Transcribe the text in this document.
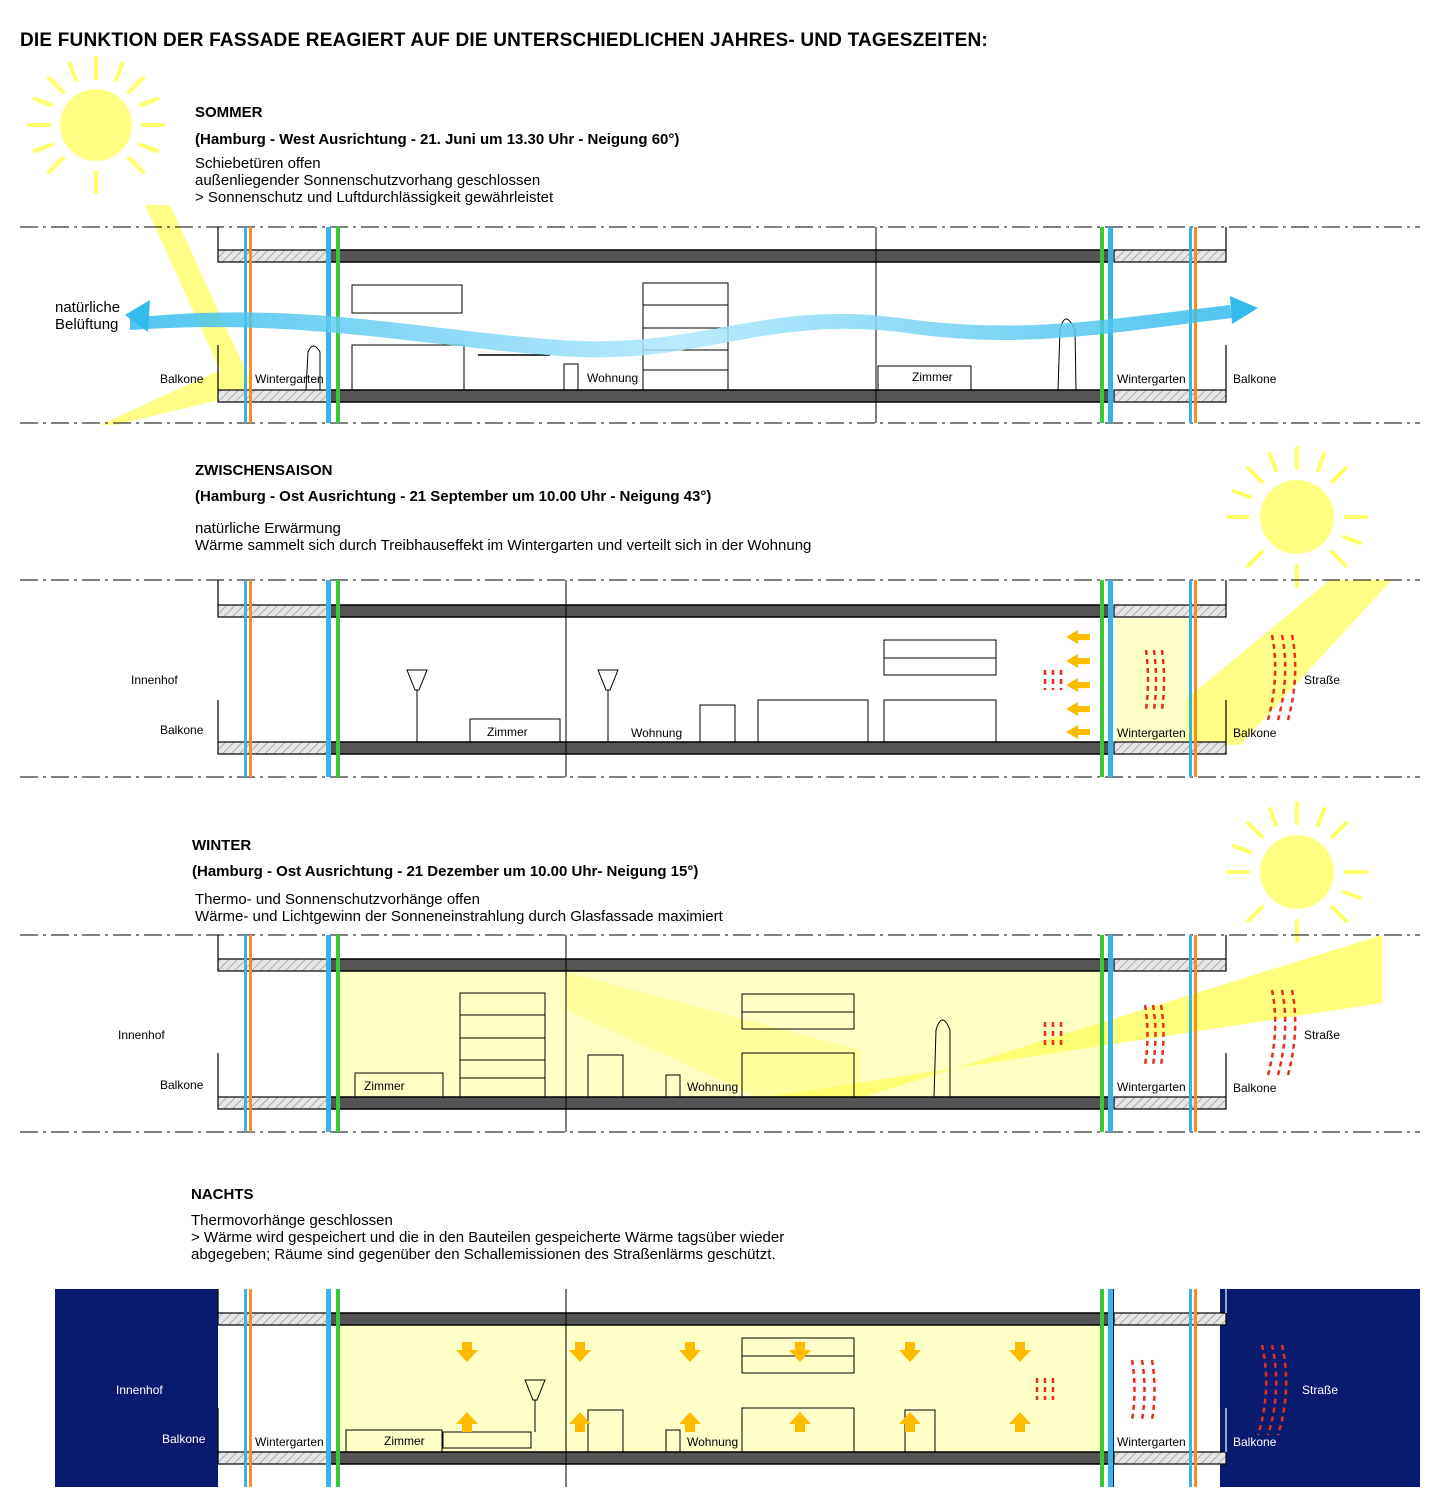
DIE FUNKTION DER FASSADE REAGIERT AUF DIE UNTERSCHIEDLICHEN JAHRES- UND TAGESZEITEN:
SOMMER
(Hamburg - West Ausrichtung - 21. Juni um 13.30 Uhr - Neigung 60°)
Schiebetüren offen
außenliegender Sonnenschutzvorhang geschlossen
> Sonnenschutz und Luftdurchlässigkeit gewährleistet
ZWISCHENSAISON
(Hamburg - Ost Ausrichtung - 21 September um 10.00 Uhr - Neigung 43°)
natürliche Erwärmung
Wärme sammelt sich durch Treibhauseffekt im Wintergarten und verteilt sich in der Wohnung
WINTER
(Hamburg - Ost Ausrichtung - 21 Dezember um 10.00 Uhr- Neigung 15°)
Thermo- und Sonnenschutzvorhänge offen
Wärme- und Lichtgewinn der Sonneneinstrahlung durch Glasfassade maximiert
NACHTS
Thermovorhänge geschlossen
> Wärme wird gespeichert und die in den Bauteilen gespeicherte Wärme tagsüber wieder
abgegeben; Räume sind gegenüber den Schallemissionen des Straßenlärms geschützt.
natürliche
Belüftung
Balkone	Wintergarten	Wohnung	Zimmer	Wintergarten	Balkone
Innenhof
Balkone	Zimmer	Wohnung	Wintergarten	Balkone
Straße
Innenhof
Balkone	Zimmer	Wohnung	Wintergarten	Balkone
Straße
Innenhof
Balkone	Wintergarten	Zimmer	Wohnung	Wintergarten	Balkone
Straße
